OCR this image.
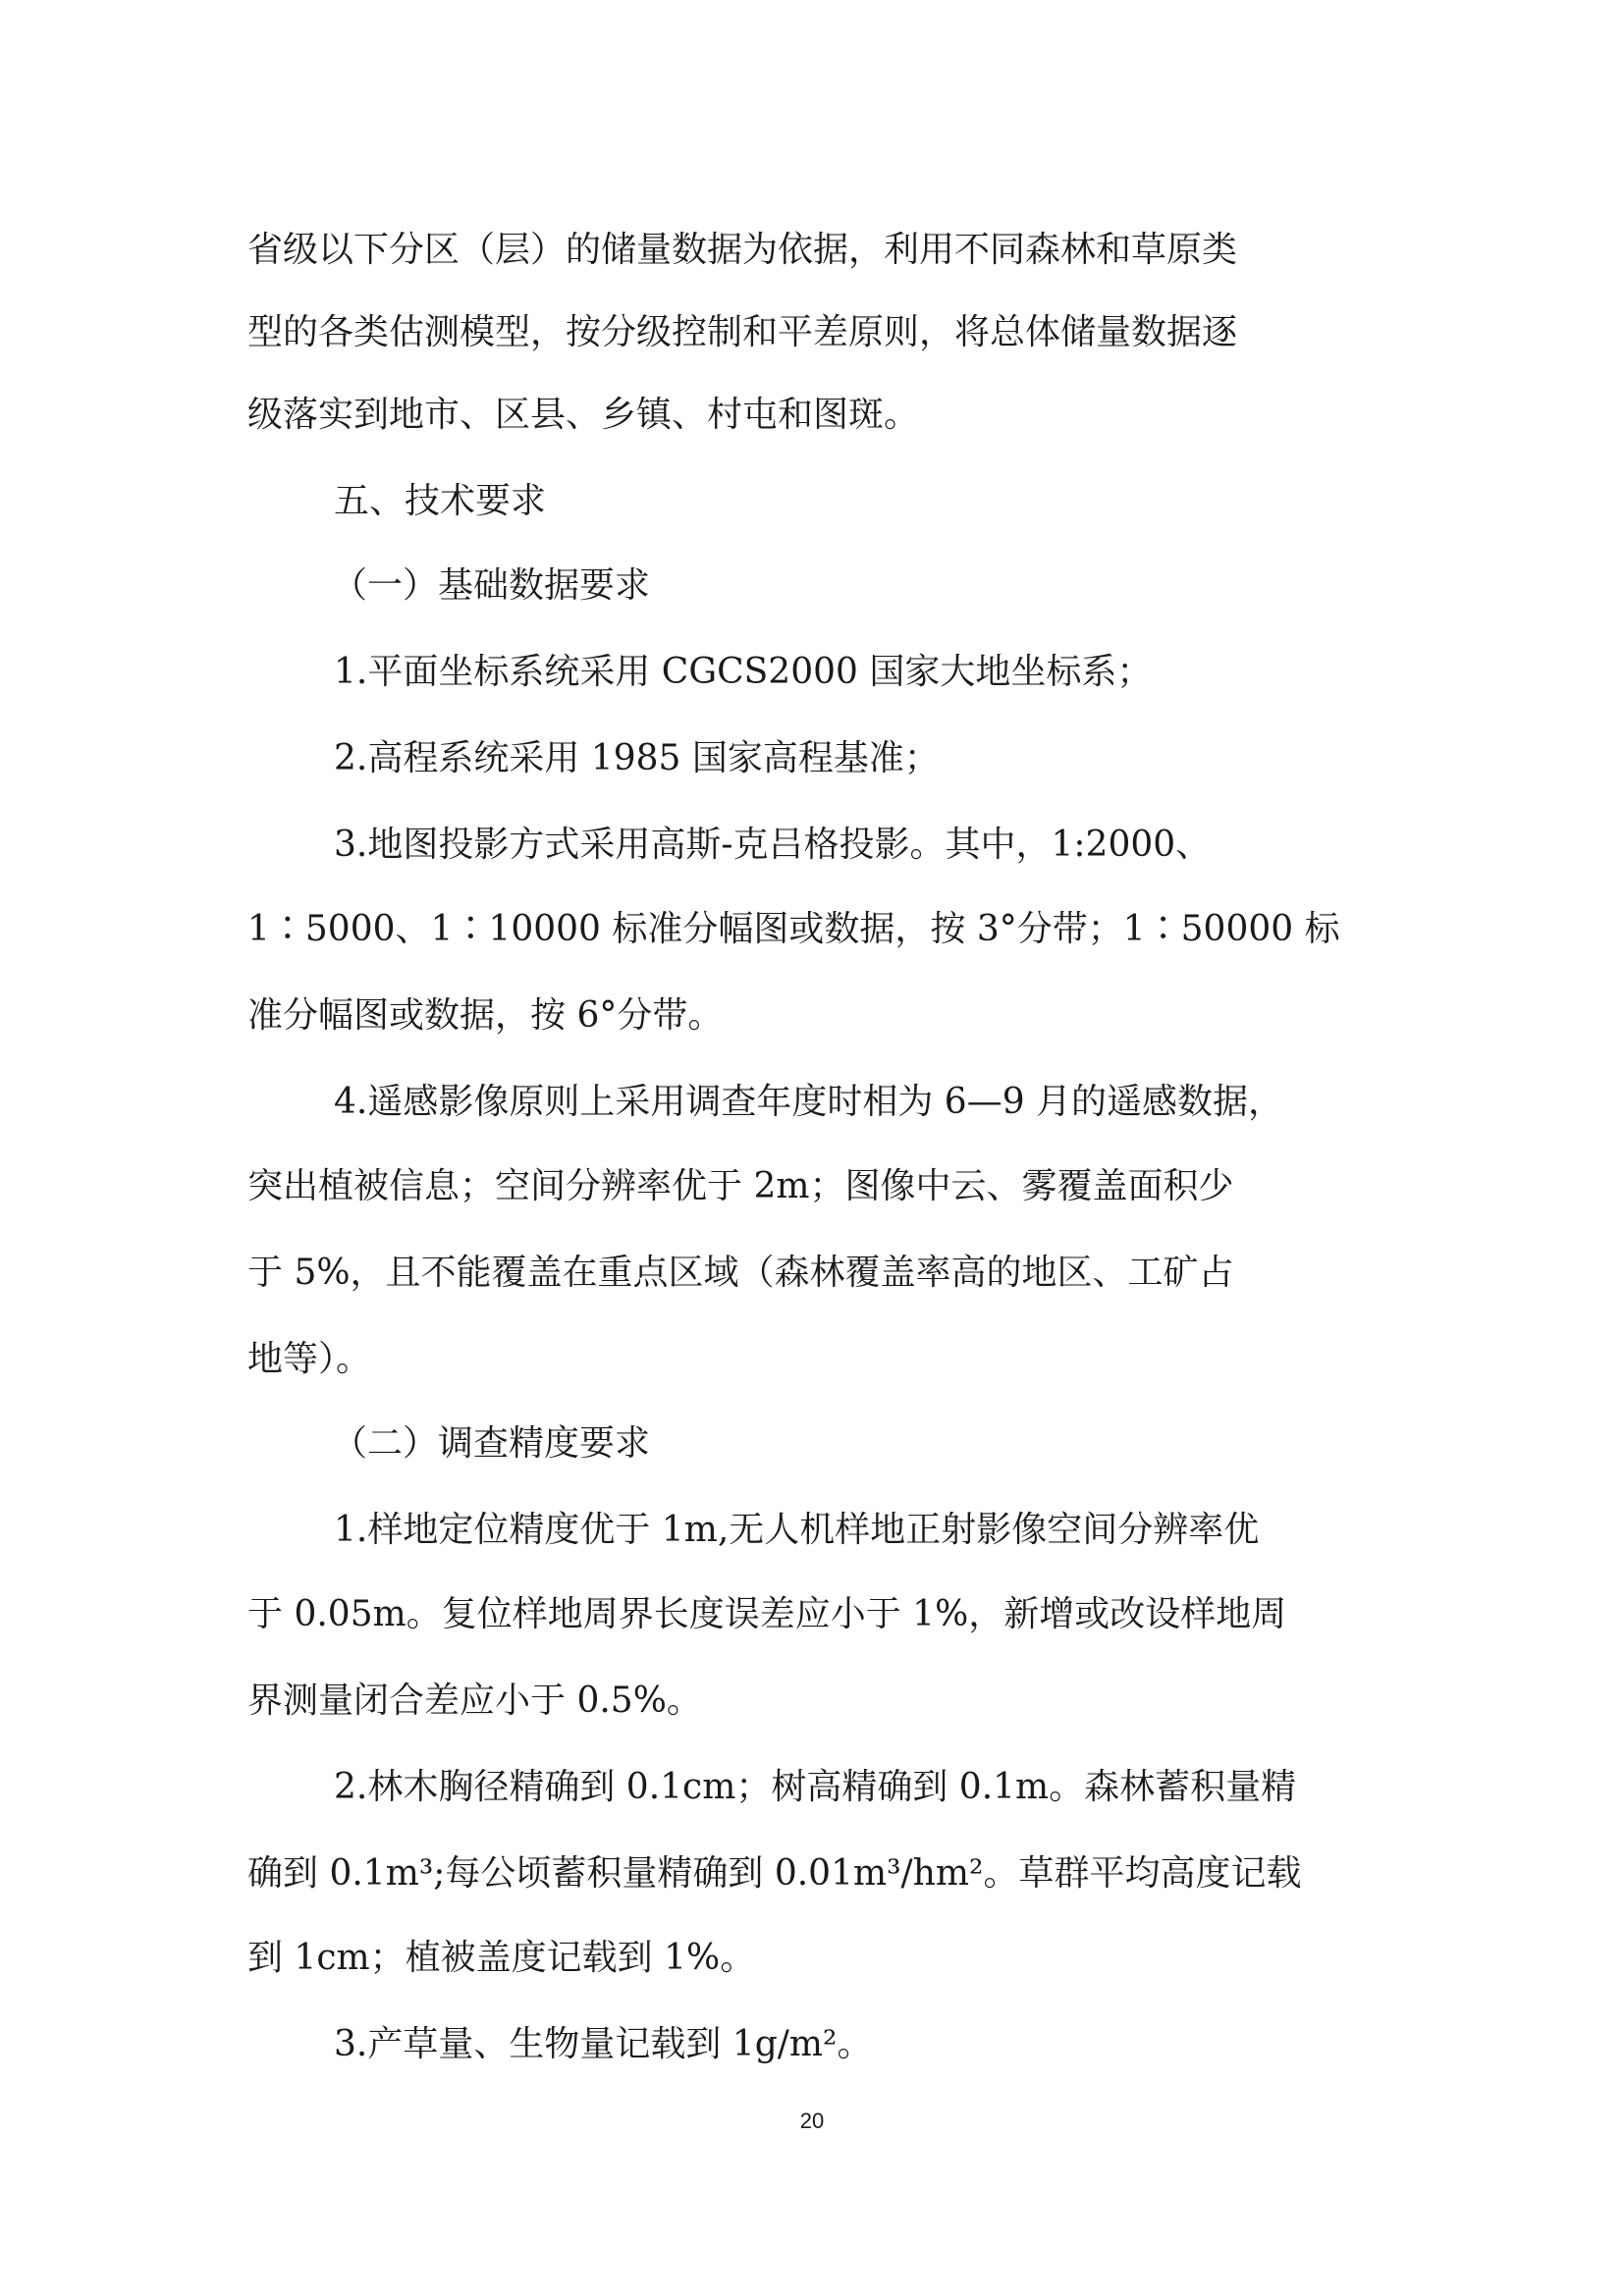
省级以下分区（层）的储量数据为依据，利用不同森林和草原类
型的各类估测模型，按分级控制和平差原则，将总体储量数据逐
级落实到地市、区县、乡镇、村屯和图斑。
五、技术要求
（一）基础数据要求
1.平面坐标系统采用 CGCS2000 国家大地坐标系；
2.高程系统采用 1985 国家高程基准；
3.地图投影方式采用高斯-克吕格投影。其中，1:2000、
1∶5000、1∶10000 标准分幅图或数据，按 3°分带；1∶50000 标
准分幅图或数据，按 6°分带。
4.遥感影像原则上采用调查年度时相为 6—9 月的遥感数据，
突出植被信息；空间分辨率优于 2m；图像中云、雾覆盖面积少
于 5%，且不能覆盖在重点区域（森林覆盖率高的地区、工矿占
地等）。
（二）调查精度要求
1.样地定位精度优于 1m,无人机样地正射影像空间分辨率优
于 0.05m。复位样地周界长度误差应小于 1%，新增或改设样地周
界测量闭合差应小于 0.5%。
2.林木胸径精确到 0.1cm；树高精确到 0.1m。森林蓄积量精
确到 0.1m³;每公顷蓄积量精确到 0.01m³/hm²。草群平均高度记载
到 1cm；植被盖度记载到 1%。
3.产草量、生物量记载到 1g/m²。
20
